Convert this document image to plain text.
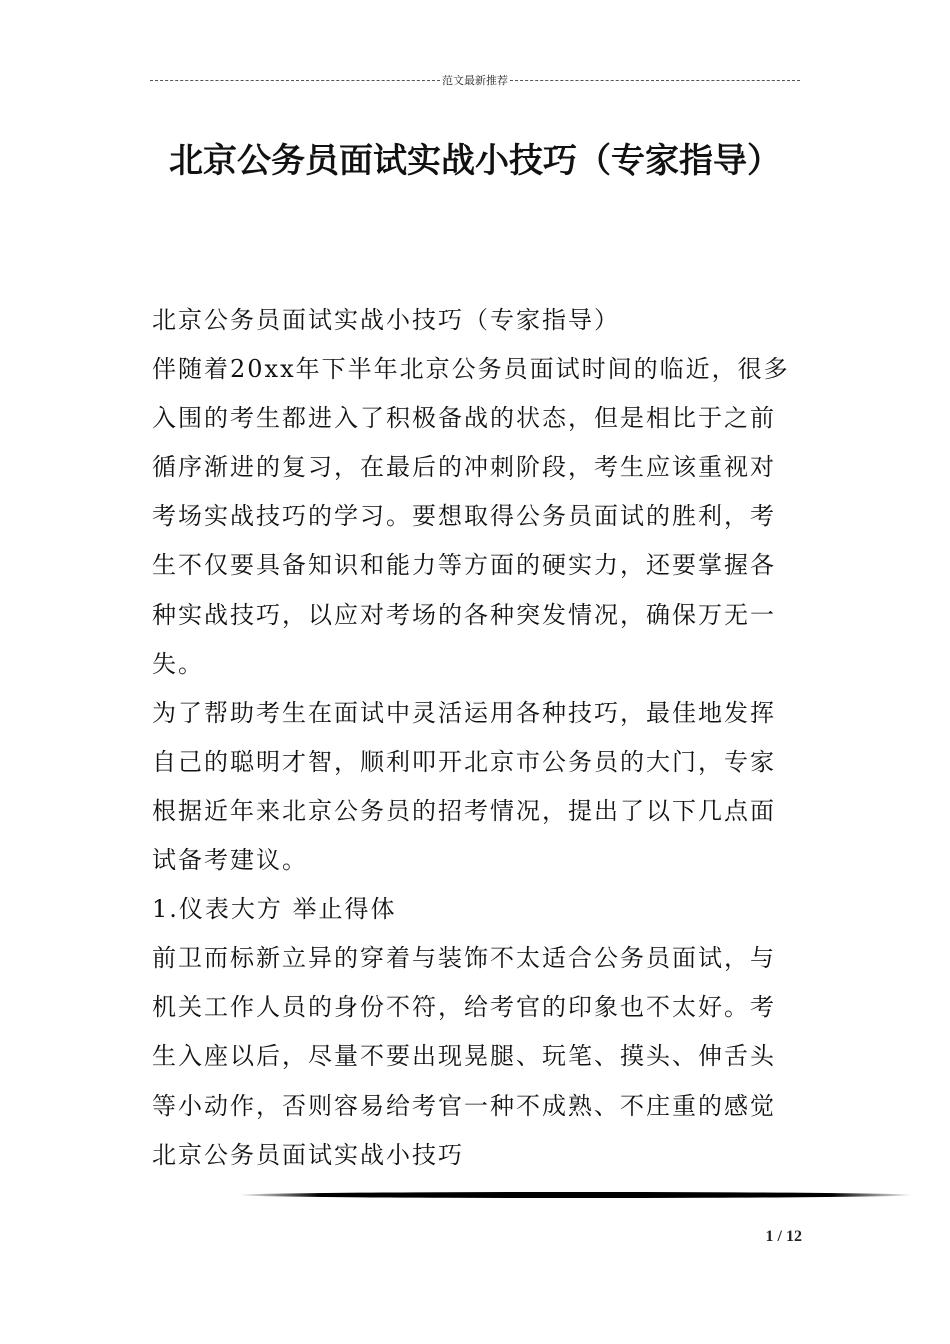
范文最新推荐
北京公务员面试实战小技巧（专家指导）

北京公务员面试实战小技巧（专家指导）

伴随着20xx年下半年北京公务员面试时间的临近，很多入围的考生都进入了积极备战的状态，但是相比于之前循序渐进的复习，在最后的冲刺阶段，考生应该重视对考场实战技巧的学习。要想取得公务员面试的胜利，考生不仅要具备知识和能力等方面的硬实力，还要掌握各种实战技巧，以应对考场的各种突发情况，确保万无一失。

为了帮助考生在面试中灵活运用各种技巧，最佳地发挥自己的聪明才智，顺利叩开北京市公务员的大门，专家根据近年来北京公务员的招考情况，提出了以下几点面试备考建议。

1.仪表大方 举止得体

前卫而标新立异的穿着与装饰不太适合公务员面试，与机关工作人员的身份不符，给考官的印象也不太好。考生入座以后，尽量不要出现晃腿、玩笔、摸头、伸舌头等小动作，否则容易给考官一种不成熟、不庄重的感觉北京公务员面试实战小技巧

1 / 12
